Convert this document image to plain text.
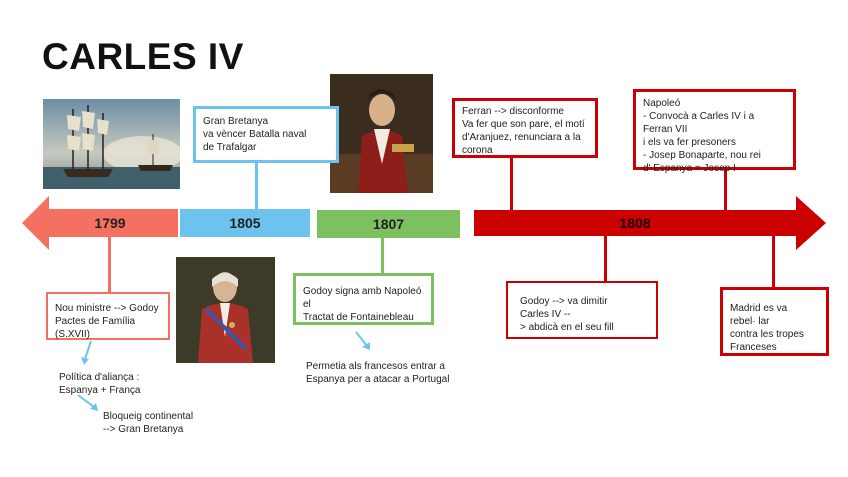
CARLES IV
1799	1805	1807	1808
Gran Bretanya
va vèncer Batalla naval
de Trafalgar
Nou ministre --> Godoy
Pactes de Família (S.XVII)
Godoy signa amb Napoleó el
Tractat de Fontainebleau
Ferran --> disconforme
Va fer que son pare, el motí
d'Aranjuez, renunciara a la
corona
Napoleó
- Convocà a Carles IV i a Ferran VII
i els va fer presoners
- Josep Bonaparte, nou rei
d' Espanya = Josep I
Godoy --> va dimitir
Carles IV --
> abdicà en el seu fill
Madrid es va
rebel· lar
contra les tropes
Franceses
Política d'aliança :
Espanya + França
Bloqueig continental
--> Gran Bretanya
Permetia als francesos entrar a
Espanya per a atacar a Portugal
